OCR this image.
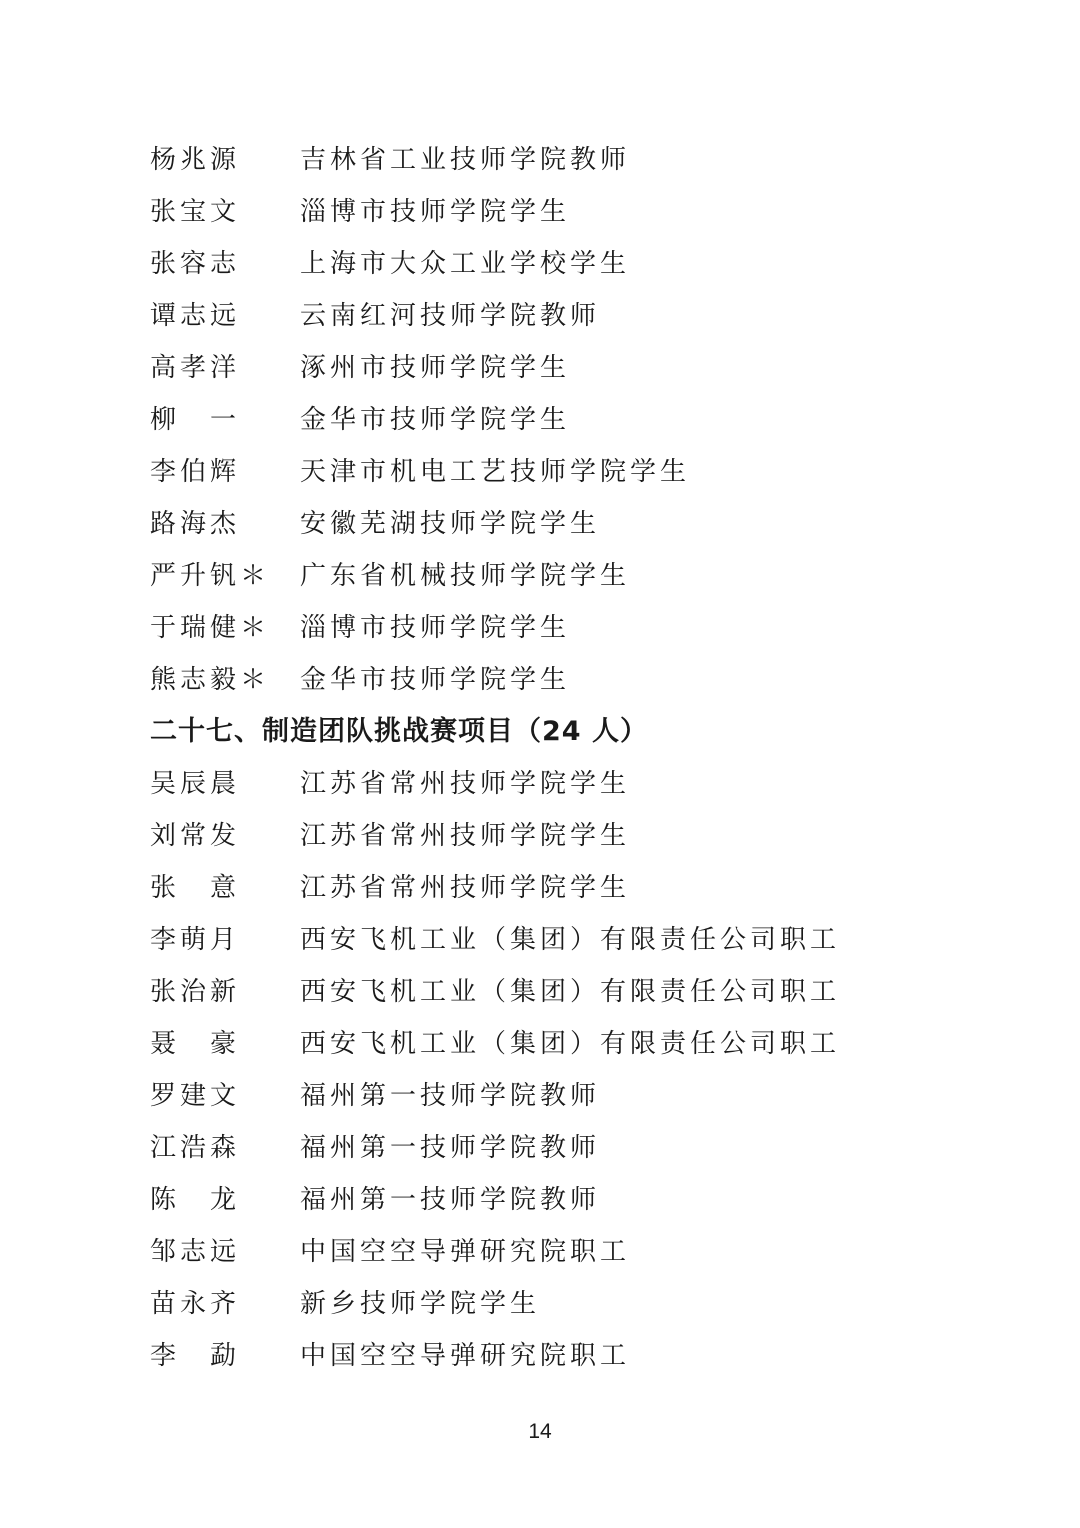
杨兆源	吉林省工业技师学院教师
张宝文	淄博市技师学院学生
张容志	上海市大众工业学校学生
谭志远	云南红河技师学院教师
高孝洋	涿州市技师学院学生
柳　一	金华市技师学院学生
李伯辉	天津市机电工艺技师学院学生
路海杰	安徽芜湖技师学院学生
严升钒＊	广东省机械技师学院学生
于瑞健＊	淄博市技师学院学生
熊志毅＊	金华市技师学院学生
二十七、制造团队挑战赛项目（24 人）
吴辰晨	江苏省常州技师学院学生
刘常发	江苏省常州技师学院学生
张　意	江苏省常州技师学院学生
李萌月	西安飞机工业（集团）有限责任公司职工
张治新	西安飞机工业（集团）有限责任公司职工
聂　豪	西安飞机工业（集团）有限责任公司职工
罗建文	福州第一技师学院教师
江浩森	福州第一技师学院教师
陈　龙	福州第一技师学院教师
邹志远	中国空空导弹研究院职工
苗永齐	新乡技师学院学生
李　勐	中国空空导弹研究院职工
14
